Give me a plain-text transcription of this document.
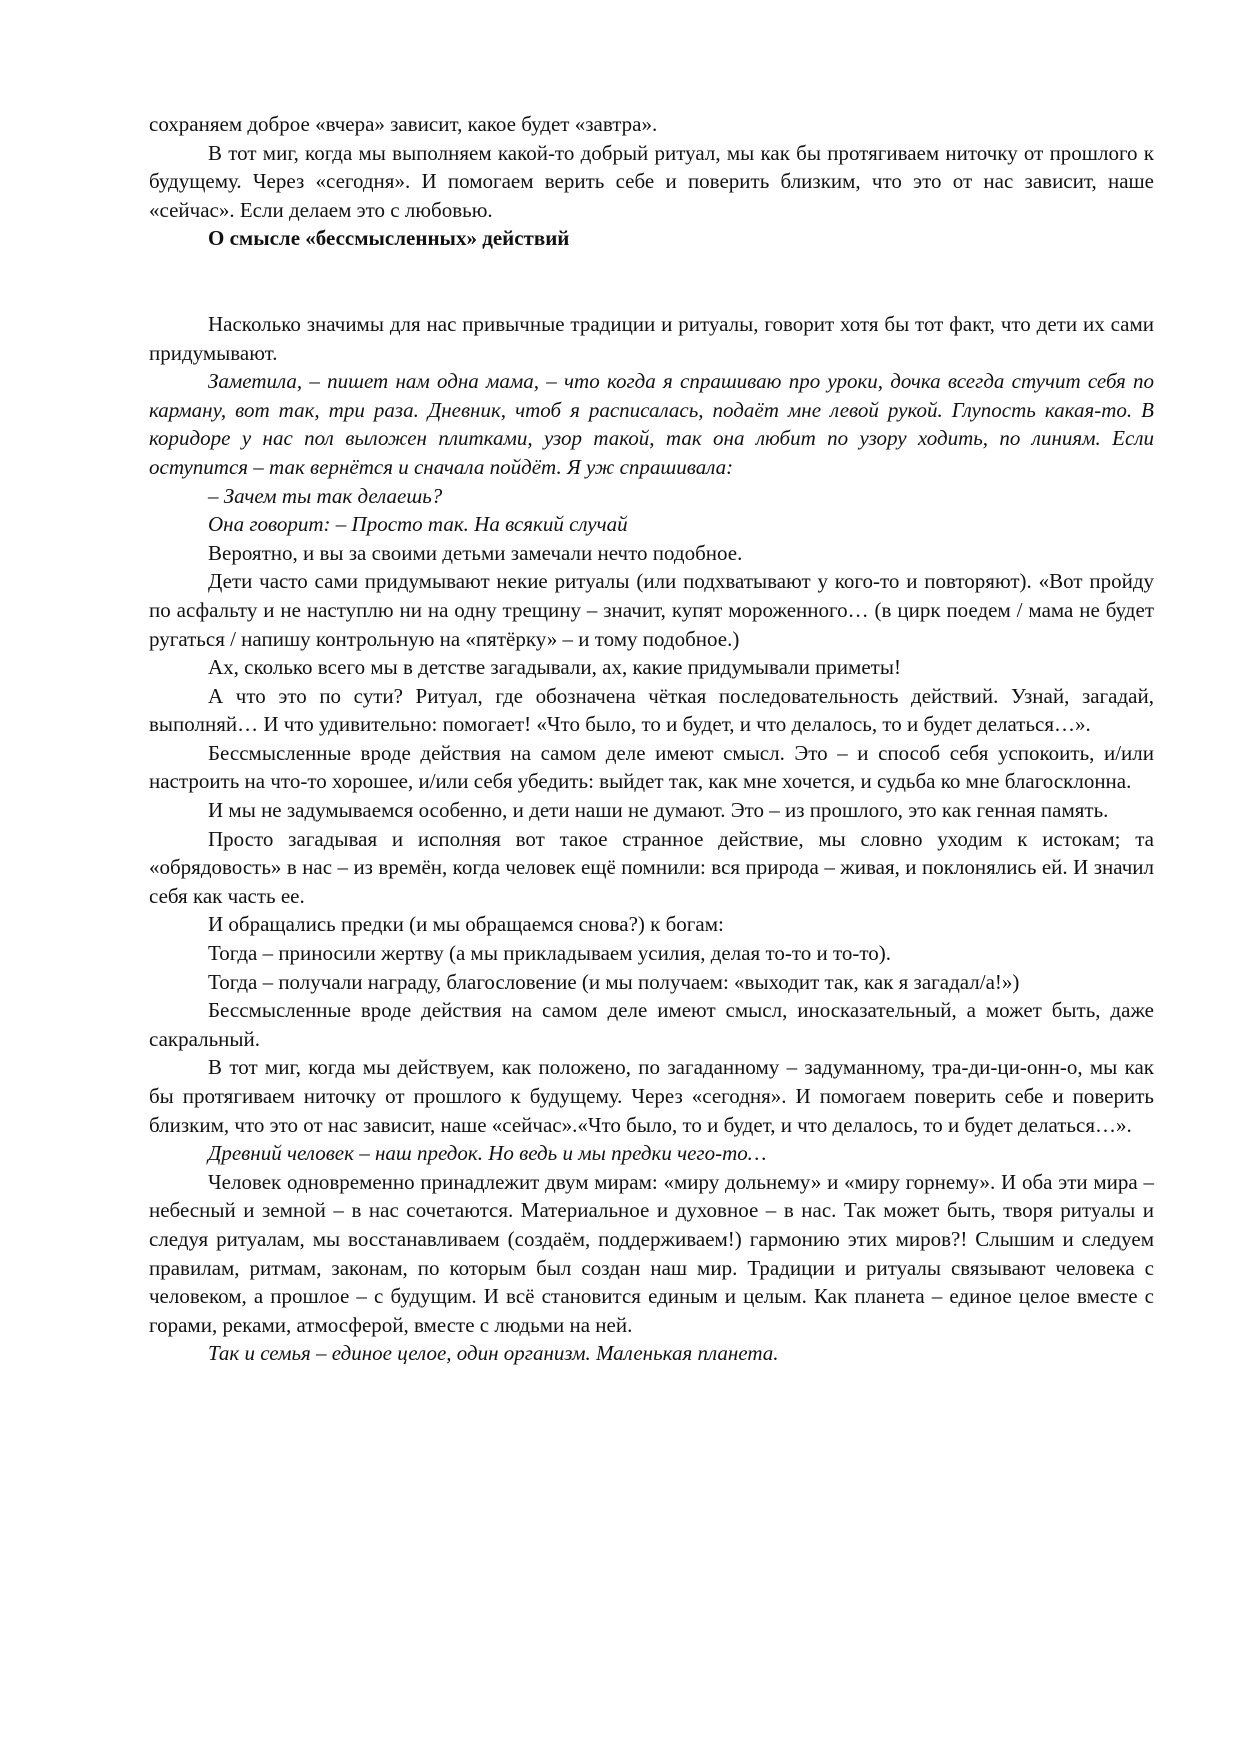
сохраняем доброе «вчера» зависит, какое будет «завтра».

В тот миг, когда мы выполняем какой-то добрый ритуал, мы как бы протягиваем ниточку от прошлого к будущему. Через «сегодня». И помогаем верить себе и поверить близким, что это от нас зависит, наше «сейчас». Если делаем это с любовью.

О смысле «бессмысленных» действий

Насколько значимы для нас привычные традиции и ритуалы, говорит хотя бы тот факт, что дети их сами придумывают.

Заметила, – пишет нам одна мама, – что когда я спрашиваю про уроки, дочка всегда стучит себя по карману, вот так, три раза. Дневник, чтоб я расписалась, подаёт мне левой рукой. Глупость какая-то. В коридоре у нас пол выложен плитками, узор такой, так она любит по узору ходить, по линиям. Если оступится – так вернётся и сначала пойдёт. Я уж спрашивала:

– Зачем ты так делаешь?

Она говорит: – Просто так. На всякий случай

Вероятно, и вы за своими детьми замечали нечто подобное.

Дети часто сами придумывают некие ритуалы (или подхватывают у кого-то и повторяют). «Вот пройду по асфальту и не наступлю ни на одну трещину – значит, купят мороженного… (в цирк поедем / мама не будет ругаться / напишу контрольную на «пятёрку» – и тому подобное.)

Ах, сколько всего мы в детстве загадывали, ах, какие придумывали приметы!

А что это по сути? Ритуал, где обозначена чёткая последовательность действий. Узнай, загадай, выполняй… И что удивительно: помогает! «Что было, то и будет, и что делалось, то и будет делаться…».

Бессмысленные вроде действия на самом деле имеют смысл. Это – и способ себя успокоить, и/или настроить на что-то хорошее, и/или себя убедить: выйдет так, как мне хочется, и судьба ко мне благосклонна.

И мы не задумываемся особенно, и дети наши не думают. Это – из прошлого, это как генная память.

Просто загадывая и исполняя вот такое странное действие, мы словно уходим к истокам; та «обрядовость» в нас – из времён, когда человек ещё помнили: вся природа – живая, и поклонялись ей. И значил себя как часть ее.

И обращались предки (и мы обращаемся снова?) к богам:

Тогда – приносили жертву (а мы прикладываем усилия, делая то-то и то-то).

Тогда – получали награду, благословение (и мы получаем: «выходит так, как я загадал/а!»)

Бессмысленные вроде действия на самом деле имеют смысл, иносказательный, а может быть, даже сакральный.

В тот миг, когда мы действуем, как положено, по загаданному – задуманному, тра-ди-ци-онн-о, мы как бы протягиваем ниточку от прошлого к будущему. Через «сегодня». И помогаем поверить себе и поверить близким, что это от нас зависит, наше «сейчас».«Что было, то и будет, и что делалось, то и будет делаться…».

Древний человек – наш предок. Но ведь и мы предки чего-то…

Человек одновременно принадлежит двум мирам: «миру дольнему» и «миру горнему». И оба эти мира – небесный и земной – в нас сочетаются. Материальное и духовное – в нас. Так может быть, творя ритуалы и следуя ритуалам, мы восстанавливаем (создаём, поддерживаем!) гармонию этих миров?! Слышим и следуем правилам, ритмам, законам, по которым был создан наш мир. Традиции и ритуалы связывают человека с человеком, а прошлое – с будущим. И всё становится единым и целым. Как планета – единое целое вместе с горами, реками, атмосферой, вместе с людьми на ней.

Так и семья – единое целое, один организм. Маленькая планета.
